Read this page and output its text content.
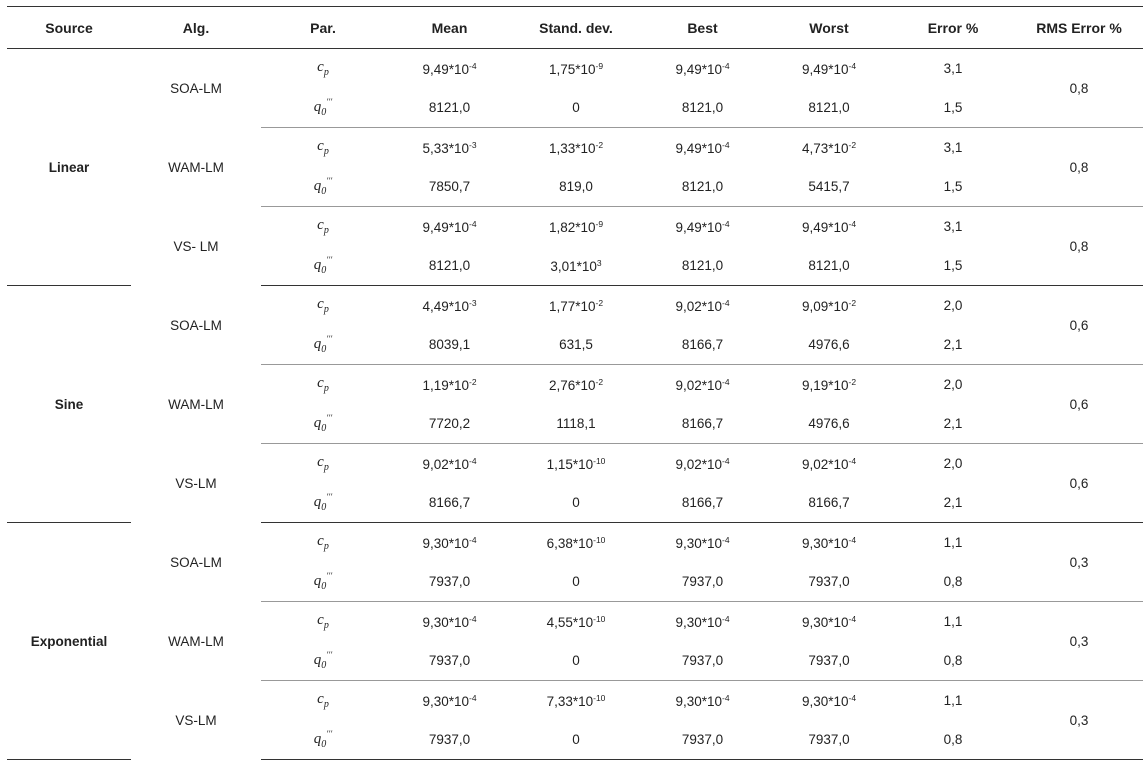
Source	Alg.	Par.	Mean	Stand. dev.	Best	Worst	Error %	RMS Error %
Linear	SOA-LM	$c_p$	$9,49*10^{-4}$	$1,75*10^{-9}$	$9,49*10^{-4}$	$9,49*10^{-4}$	3,1	0,8
		$q_0'''$	8121,0	0	8121,0	8121,0	1,5	
	WAM-LM	$c_p$	$5,33*10^{-3}$	$1,33*10^{-2}$	$9,49*10^{-4}$	$4,73*10^{-2}$	3,1	0,8
		$q_0'''$	7850,7	819,0	8121,0	5415,7	1,5	
	VS- LM	$c_p$	$9,49*10^{-4}$	$1,82*10^{-9}$	$9,49*10^{-4}$	$9,49*10^{-4}$	3,1	0,8
		$q_0'''$	8121,0	$3,01*10^3$	8121,0	8121,0	1,5	
Sine	SOA-LM	$c_p$	$4,49*10^{-3}$	$1,77*10^{-2}$	$9,02*10^{-4}$	$9,09*10^{-2}$	2,0	0,6
		$q_0'''$	8039,1	631,5	8166,7	4976,6	2,1	
	WAM-LM	$c_p$	$1,19*10^{-2}$	$2,76*10^{-2}$	$9,02*10^{-4}$	$9,19*10^{-2}$	2,0	0,6
		$q_0'''$	7720,2	1118,1	8166,7	4976,6	2,1	
	VS-LM	$c_p$	$9,02*10^{-4}$	$1,15*10^{-10}$	$9,02*10^{-4}$	$9,02*10^{-4}$	2,0	0,6
		$q_0'''$	8166,7	0	8166,7	8166,7	2,1	
Exponential	SOA-LM	$c_p$	$9,30*10^{-4}$	$6,38*10^{-10}$	$9,30*10^{-4}$	$9,30*10^{-4}$	1,1	0,3
		$q_0'''$	7937,0	0	7937,0	7937,0	0,8	
	WAM-LM	$c_p$	$9,30*10^{-4}$	$4,55*10^{-10}$	$9,30*10^{-4}$	$9,30*10^{-4}$	1,1	0,3
		$q_0'''$	7937,0	0	7937,0	7937,0	0,8	
	VS-LM	$c_p$	$9,30*10^{-4}$	$7,33*10^{-10}$	$9,30*10^{-4}$	$9,30*10^{-4}$	1,1	0,3
		$q_0'''$	7937,0	0	7937,0	7937,0	0,8	
